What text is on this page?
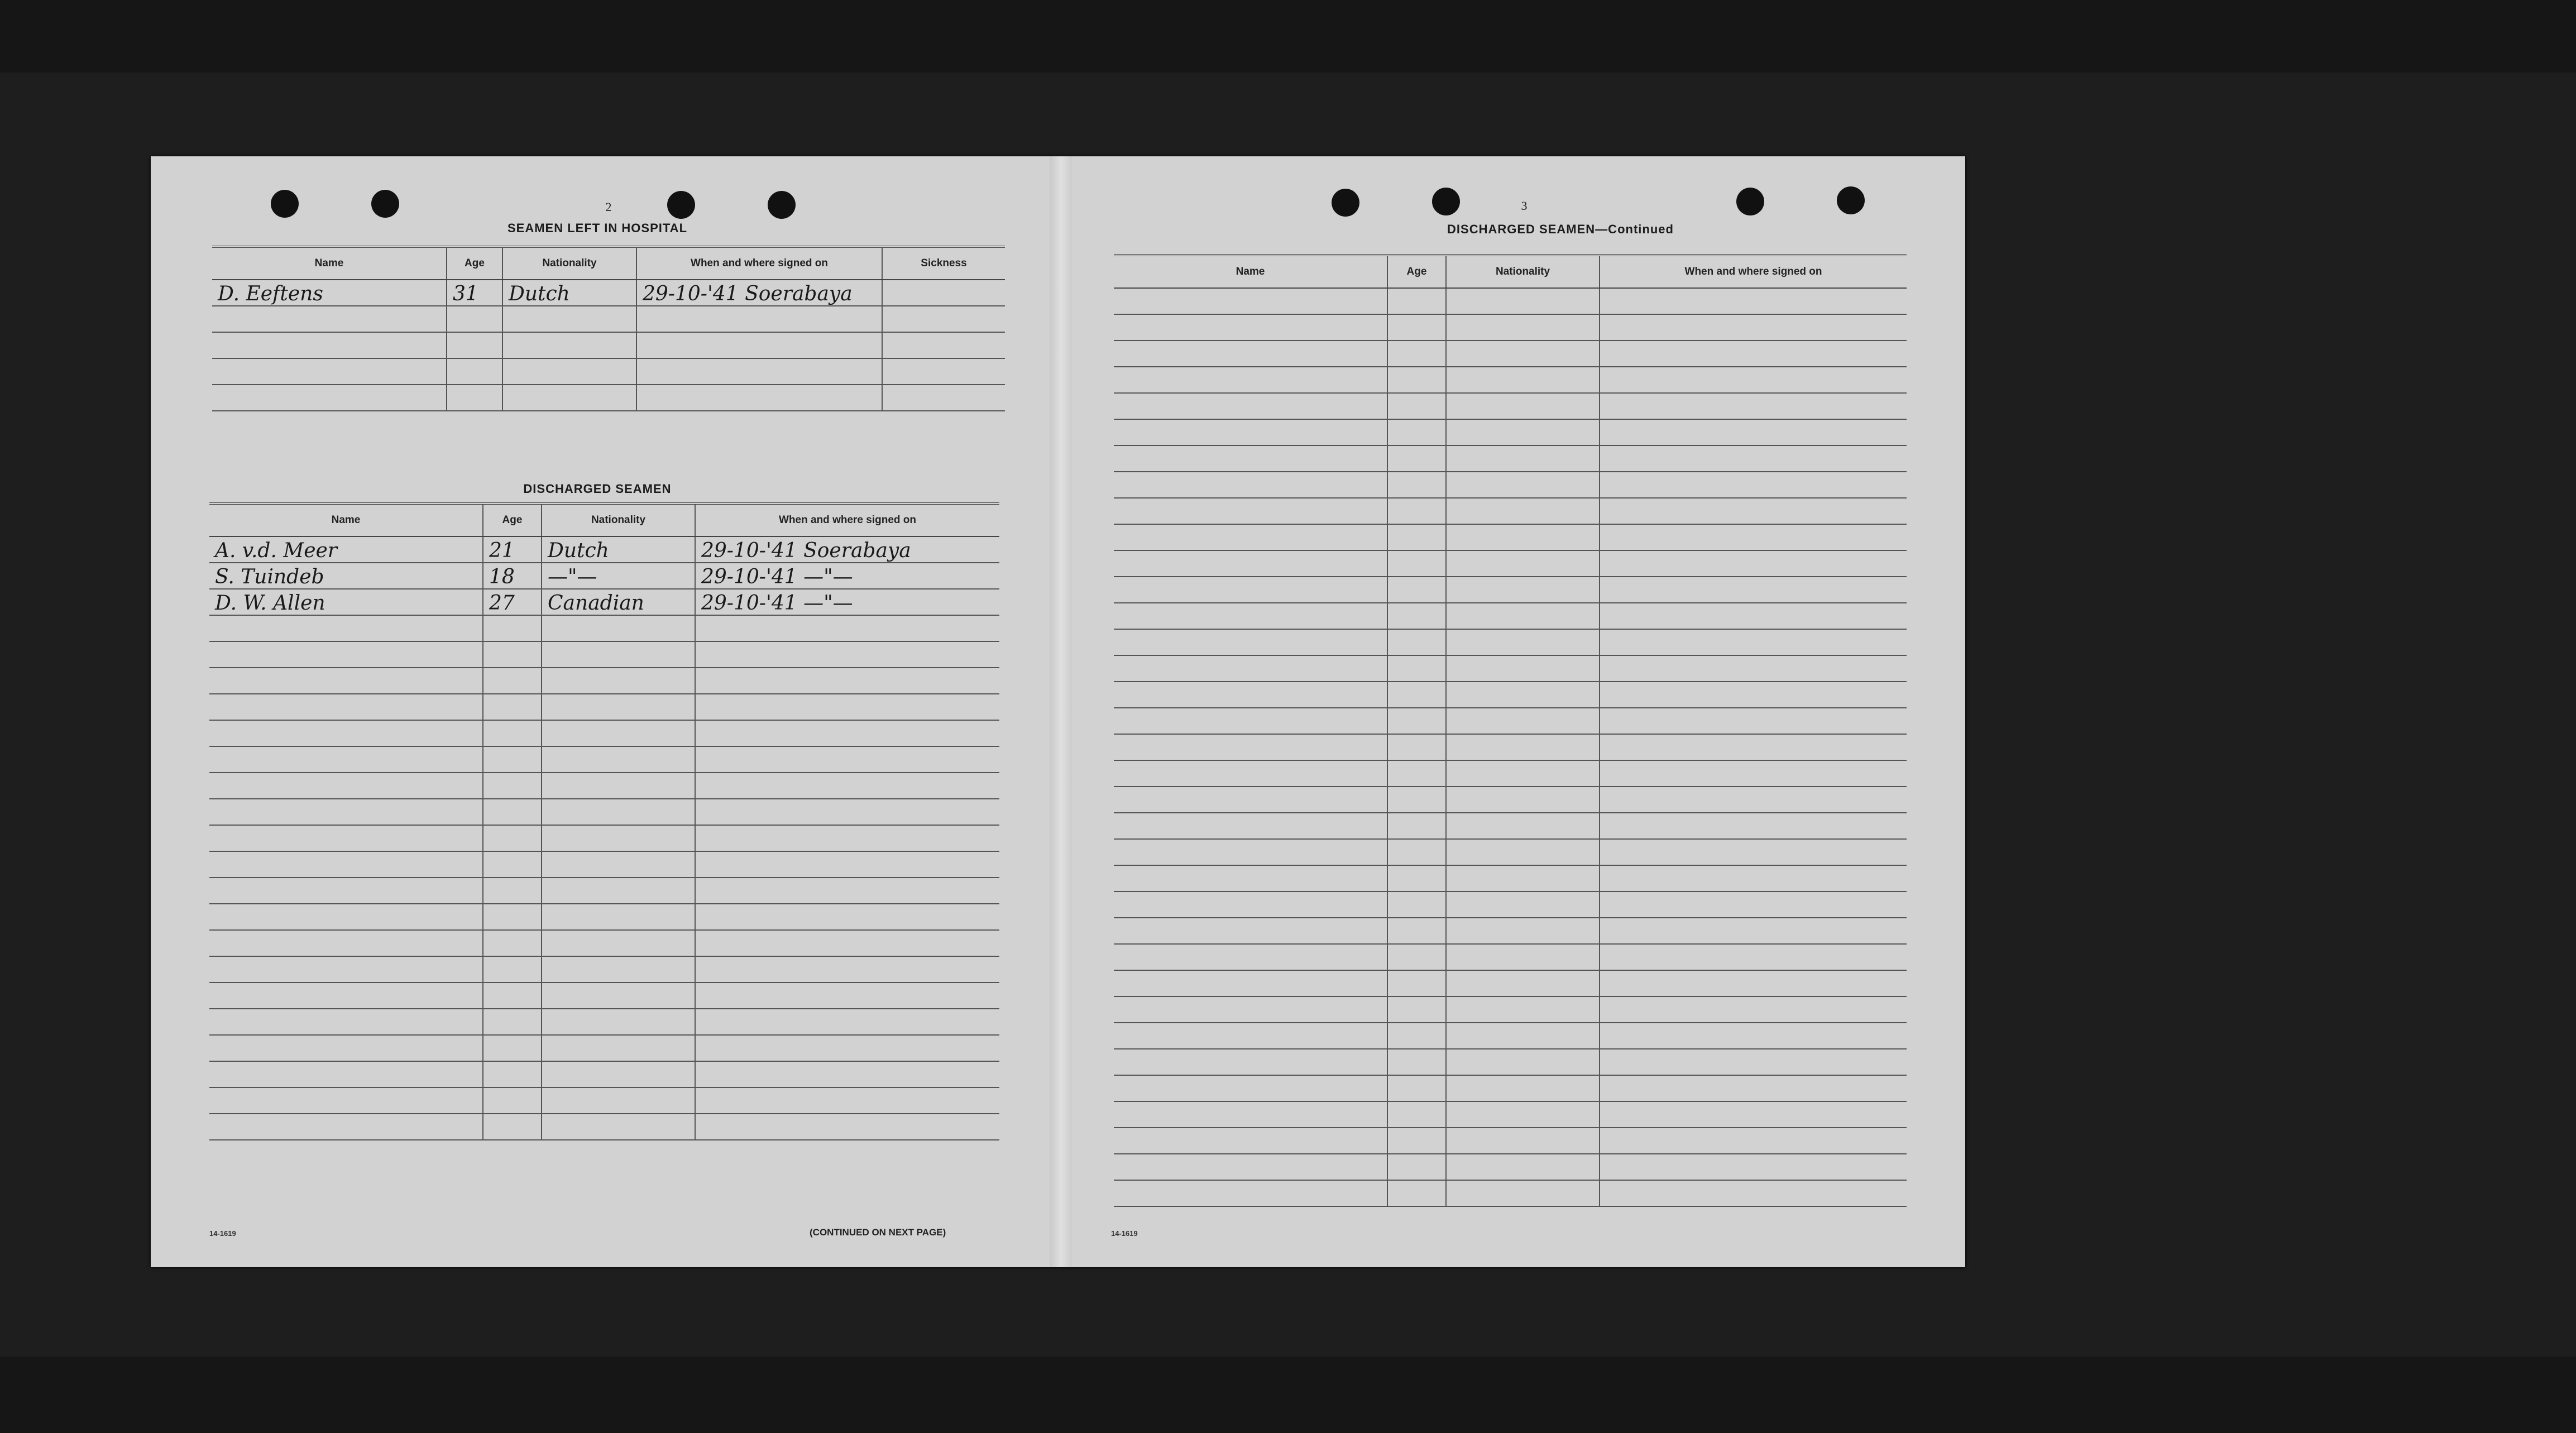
2
SEAMEN LEFT IN HOSPITAL
Name	Age	Nationality	When and where signed on	Sickness
D. Eeftens	31	Dutch	29-10-'41 Soerabaya	

DISCHARGED SEAMEN
Name	Age	Nationality	When and where signed on
A. v.d. Meer	21	Dutch	29-10-'41 Soerabaya
S. Tuindeb	18	—"—	29-10-'41 —"—
D. W. Allen	27	Canadian	29-10-'41 —"—

14-1619	(CONTINUED ON NEXT PAGE)
3
DISCHARGED SEAMEN—Continued
Name	Age	Nationality	When and where signed on

14-1619
